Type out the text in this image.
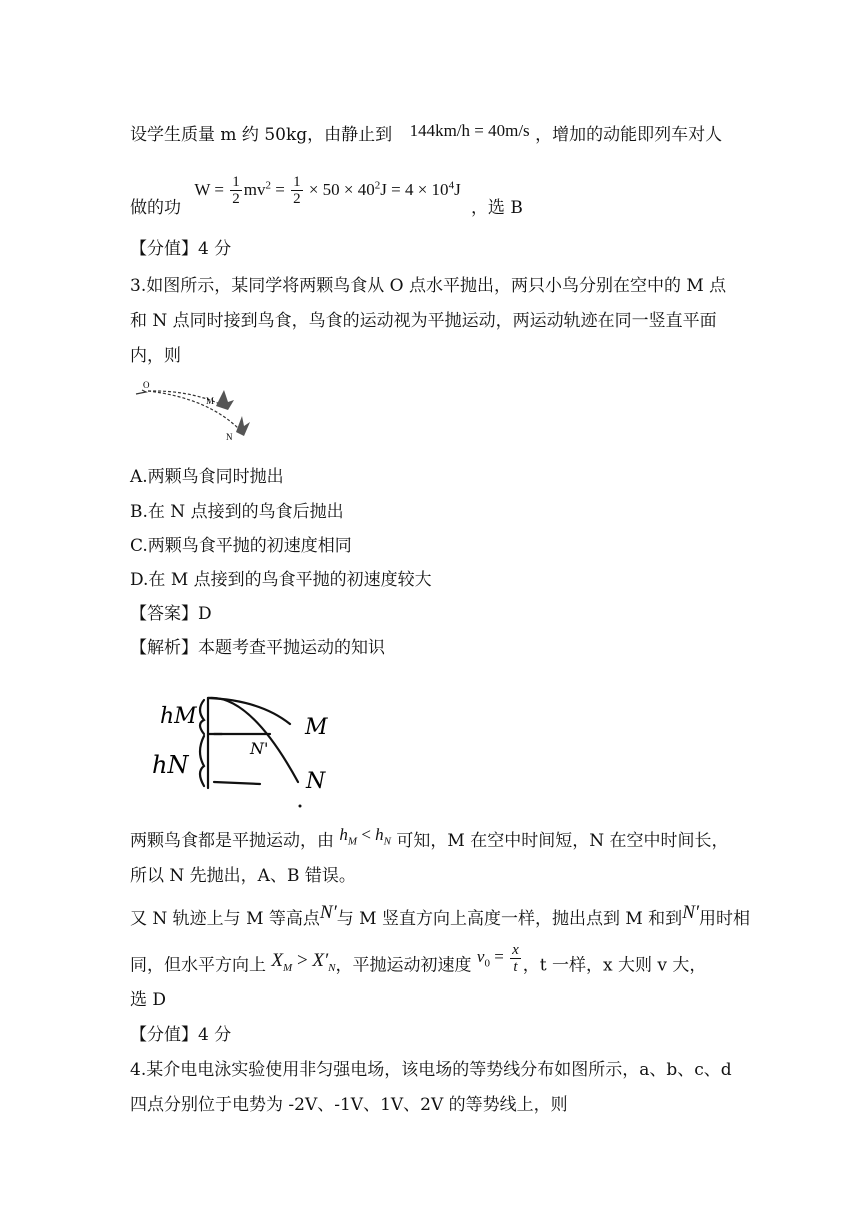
设学生质量 m 约 50kg，由静止到 144km/h = 40m/s ，增加的动能即列车对人
做的功 $W = \frac{1}{2} mv^2 = \frac{1}{2} \times 50 \times 40^2J = 4 \times 10^4J$ ，选 B
【分值】4 分
3.如图所示，某同学将两颗鸟食从 O 点水平抛出，两只小鸟分别在空中的 M 点
和 N 点同时接到鸟食，鸟食的运动视为平抛运动，两运动轨迹在同一竖直平面
内，则
O
M
N
A.两颗鸟食同时抛出
B.在 N 点接到的鸟食后抛出
C.两颗鸟食平抛的初速度相同
D.在 M 点接到的鸟食平抛的初速度较大
【答案】D
【解析】本题考查平抛运动的知识
hM
hN
M
N'
N
两颗鸟食都是平抛运动，由 $h_M < h_N$ 可知，M 在空中时间短，N 在空中时间长，
所以 N 先抛出，A、B 错误。
又 N 轨迹上与 M 等高点N′与 M 竖直方向上高度一样，抛出点到 M 和到N′用时相
同，但水平方向上 $X_M > X'_N$，平抛运动初速度 $v_0 = \frac{x}{t}$ ，t 一样，x 大则 v 大，
选 D
【分值】4 分
4.某介电电泳实验使用非匀强电场，该电场的等势线分布如图所示，a、b、c、d
四点分别位于电势为 -2V、-1V、1V、2V 的等势线上，则
